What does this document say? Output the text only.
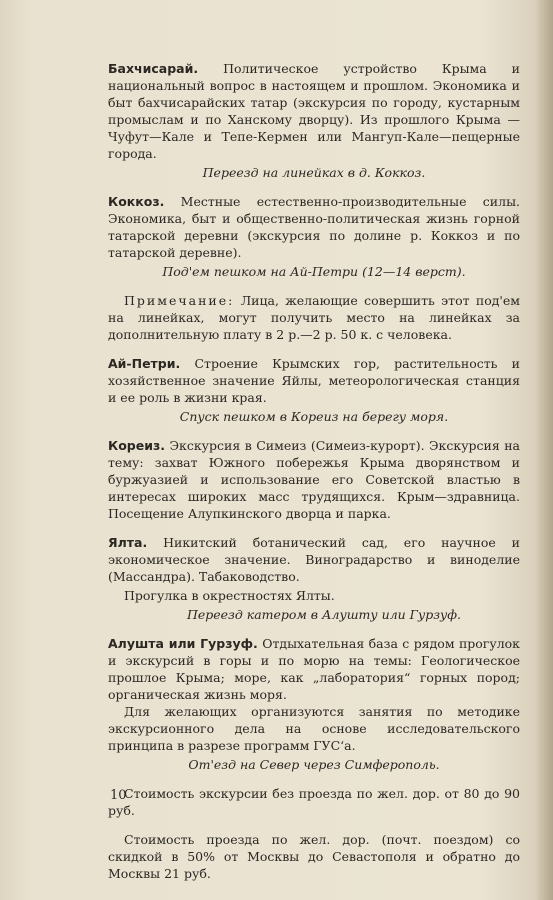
Бахчисарай. Политическое устройство Крыма и национальный вопрос в настоящем и прошлом. Экономика и быт бахчисарайских татар (экскурсия по городу, кустарным промыслам и по Ханскому дворцу). Из прошлого Крыма — Чуфут—Кале и Тепе-Кермен или Мангуп-Кале—пещерные города.

Переезд на линейках в д. Коккоз.

Коккоз. Местные естественно-производительные силы. Экономика, быт и общественно-политическая жизнь горной татарской деревни (экскурсия по долине р. Коккоз и по татарской деревне).

Под'ем пешком на Ай-Петри (12—14 верст).

Примечание: Лица, желающие совершить этот под'ем на линейках, могут получить место на линейках за дополнительную плату в 2 р.—2 р. 50 к. с человека.

Ай-Петри. Строение Крымских гор, растительность и хозяйственное значение Яйлы, метеорологическая станция и ее роль в жизни края.

Спуск пешком в Кореиз на берегу моря.

Кореиз. Экскурсия в Симеиз (Симеиз-курорт). Экскурсия на тему: захват Южного побережья Крыма дворянством и буржуазией и использование его Советской властью в интересах широких масс трудящихся. Крым—здравница. Посещение Алупкинского дворца и парка.

Ялта. Никитский ботанический сад, его научное и экономическое значение. Виноградарство и виноделие (Массандра). Табаководство.

Прогулка в окрестностях Ялты.

Переезд катером в Алушту или Гурзуф.

Алушта или Гурзуф. Отдыхательная база с рядом прогулок и экскурсий в горы и по морю на темы: Геологическое прошлое Крыма; море, как „лаборатория“ горных пород; органическая жизнь моря.

Для желающих организуются занятия по методике экскурсионного дела на основе исследовательского принципа в разрезе программ ГУС‘а.

От'езд на Север через Симферополь.

Стоимость экскурсии без проезда по жел. дор. от 80 до 90 руб.

Стоимость проезда по жел. дор. (почт. поездом) со скидкой в 50% от Москвы до Севастополя и обратно до Москвы 21 руб.

10
